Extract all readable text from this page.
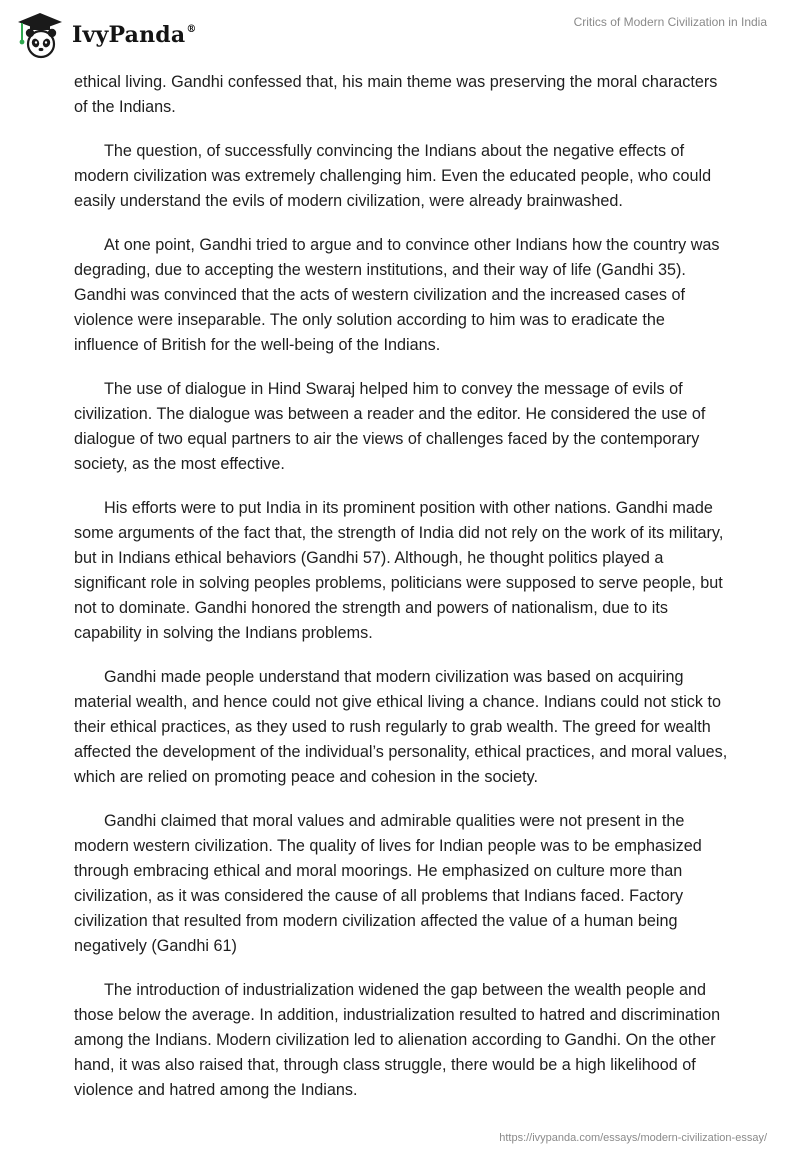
IvyPanda®
Critics of Modern Civilization in India

ethical living. Gandhi confessed that, his main theme was preserving the moral characters of the Indians.

The question, of successfully convincing the Indians about the negative effects of modern civilization was extremely challenging him. Even the educated people, who could easily understand the evils of modern civilization, were already brainwashed.

At one point, Gandhi tried to argue and to convince other Indians how the country was degrading, due to accepting the western institutions, and their way of life (Gandhi 35). Gandhi was convinced that the acts of western civilization and the increased cases of violence were inseparable. The only solution according to him was to eradicate the influence of British for the well-being of the Indians.

The use of dialogue in Hind Swaraj helped him to convey the message of evils of civilization. The dialogue was between a reader and the editor. He considered the use of dialogue of two equal partners to air the views of challenges faced by the contemporary society, as the most effective.

His efforts were to put India in its prominent position with other nations. Gandhi made some arguments of the fact that, the strength of India did not rely on the work of its military, but in Indians ethical behaviors (Gandhi 57). Although, he thought politics played a significant role in solving peoples problems, politicians were supposed to serve people, but not to dominate. Gandhi honored the strength and powers of nationalism, due to its capability in solving the Indians problems.

Gandhi made people understand that modern civilization was based on acquiring material wealth, and hence could not give ethical living a chance. Indians could not stick to their ethical practices, as they used to rush regularly to grab wealth. The greed for wealth affected the development of the individual’s personality, ethical practices, and moral values, which are relied on promoting peace and cohesion in the society.

Gandhi claimed that moral values and admirable qualities were not present in the modern western civilization. The quality of lives for Indian people was to be emphasized through embracing ethical and moral moorings. He emphasized on culture more than civilization, as it was considered the cause of all problems that Indians faced. Factory civilization that resulted from modern civilization affected the value of a human being negatively (Gandhi 61)

The introduction of industrialization widened the gap between the wealth people and those below the average. In addition, industrialization resulted to hatred and discrimination among the Indians. Modern civilization led to alienation according to Gandhi. On the other hand, it was also raised that, through class struggle, there would be a high likelihood of violence and hatred among the Indians.

https://ivypanda.com/essays/modern-civilization-essay/
